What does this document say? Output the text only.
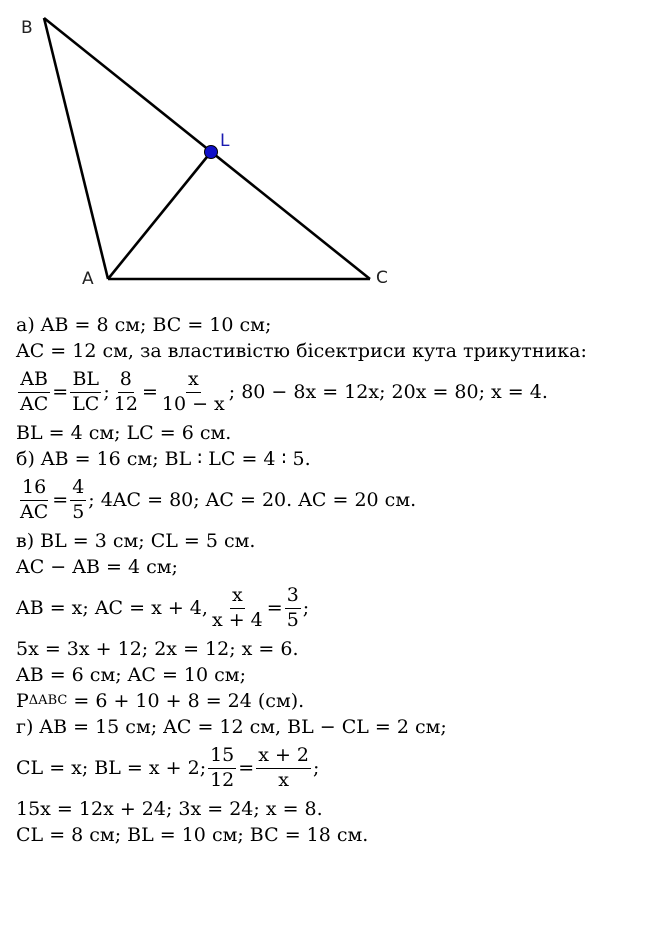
B
L
A	C
а) AB = 8 см; BC = 10 см;
AC = 12 см, за властивістю бісектриси кута трикутника:
$\frac{AB}{AC} = \frac{BL}{LC}$ ; $\frac{8}{12} = \frac{x}{10 - x}$ ; 80 − 8x = 12x; 20x = 80; x = 4.
BL = 4 см; LC = 6 см.
б) AB = 16 см; BL ∶ LC = 4 ∶ 5.
$\frac{16}{AC} = \frac{4}{5}$ ; 4AC = 80; AC = 20. AC = 20 см.
в) BL = 3 см; CL = 5 см.
AC − AB = 4 см;
AB = x; AC = x + 4, $\frac{x}{x + 4} = \frac{3}{5}$ ;
5x = 3x + 12; 2x = 12; x = 6.
AB = 6 см; AC = 10 см;
P ΔABC = 6 + 10 + 8 = 24 (см).
г) AB = 15 см; AC = 12 см, BL − CL = 2 см;
CL = x; BL = x + 2; $\frac{15}{12} = \frac{x + 2}{x}$ ;
15x = 12x + 24; 3x = 24; x = 8.
CL = 8 см; BL = 10 см; BC = 18 см.
